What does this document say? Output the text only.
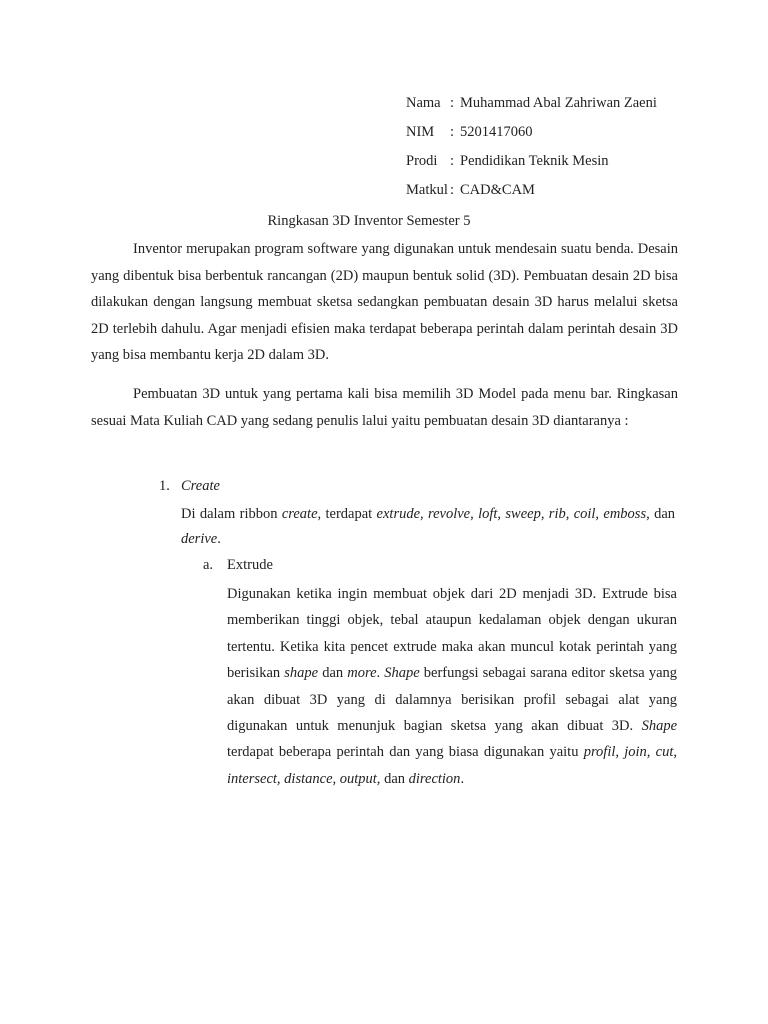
Nama : Muhammad Abal Zahriwan Zaeni
NIM : 5201417060
Prodi : Pendidikan Teknik Mesin
Matkul : CAD&CAM
Ringkasan 3D Inventor Semester 5

Inventor merupakan program software yang digunakan untuk mendesain suatu benda. Desain yang dibentuk bisa berbentuk rancangan (2D) maupun bentuk solid (3D). Pembuatan desain 2D bisa dilakukan dengan langsung membuat sketsa sedangkan pembuatan desain 3D harus melalui sketsa 2D terlebih dahulu. Agar menjadi efisien maka terdapat beberapa perintah dalam perintah desain 3D yang bisa membantu kerja 2D dalam 3D.

Pembuatan 3D untuk yang pertama kali bisa memilih 3D Model pada menu bar. Ringkasan sesuai Mata Kuliah CAD yang sedang penulis lalui yaitu pembuatan desain 3D diantaranya :

1. Create

Di dalam ribbon create, terdapat extrude, revolve, loft, sweep, rib, coil, emboss, dan derive.

a. Extrude

Digunakan ketika ingin membuat objek dari 2D menjadi 3D. Extrude bisa memberikan tinggi objek, tebal ataupun kedalaman objek dengan ukuran tertentu. Ketika kita pencet extrude maka akan muncul kotak perintah yang berisikan shape dan more. Shape berfungsi sebagai sarana editor sketsa yang akan dibuat 3D yang di dalamnya berisikan profil sebagai alat yang digunakan untuk menunjuk bagian sketsa yang akan dibuat 3D. Shape terdapat beberapa perintah dan yang biasa digunakan yaitu profil, join, cut, intersect, distance, output, dan direction.
